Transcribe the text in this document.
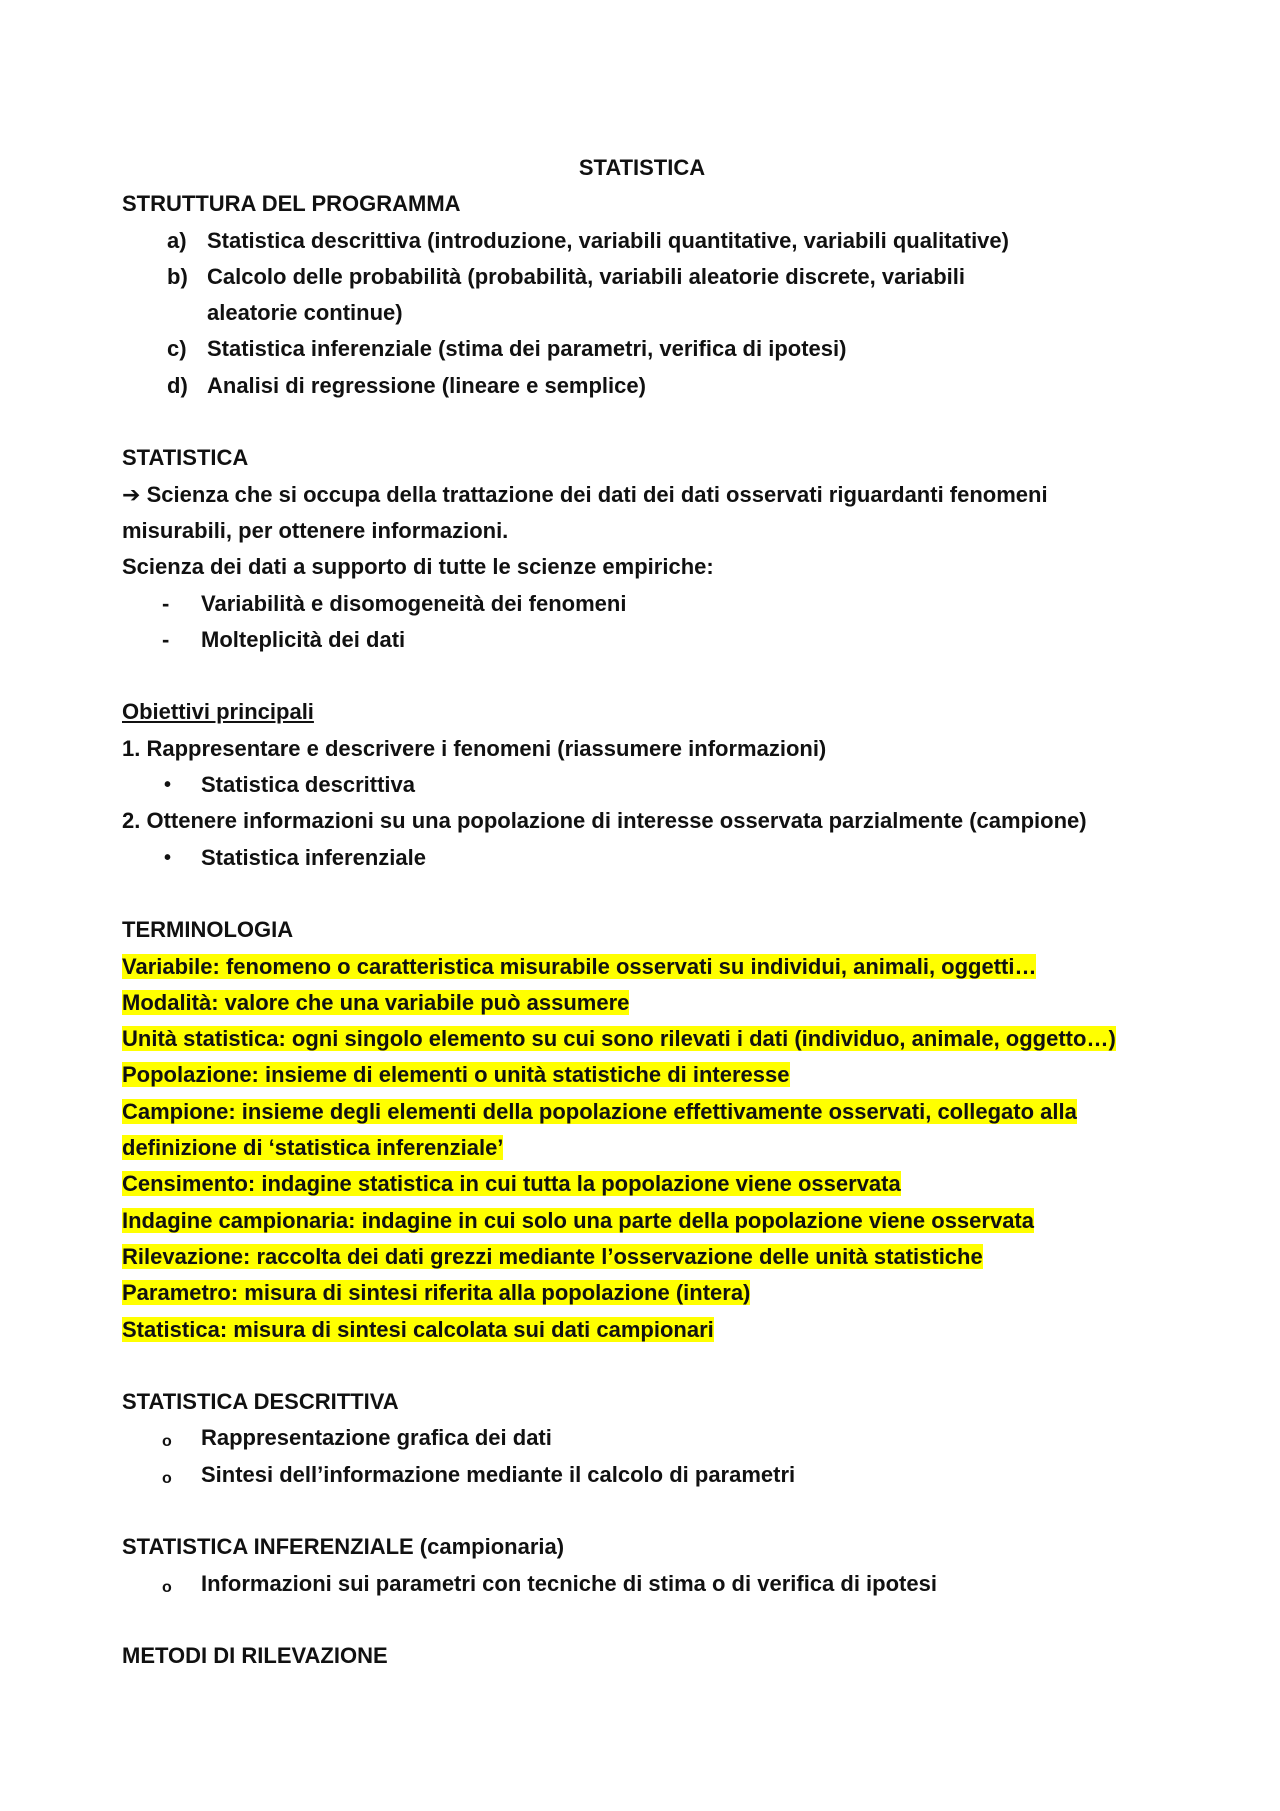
STATISTICA
STRUTTURA DEL PROGRAMMA
a) Statistica descrittiva (introduzione, variabili quantitative, variabili qualitative)
b) Calcolo delle probabilità (probabilità, variabili aleatorie discrete, variabili aleatorie continue)
c) Statistica inferenziale (stima dei parametri, verifica di ipotesi)
d) Analisi di regressione (lineare e semplice)
STATISTICA
➔ Scienza che si occupa della trattazione dei dati dei dati osservati riguardanti fenomeni misurabili, per ottenere informazioni.
Scienza dei dati a supporto di tutte le scienze empiriche:
- Variabilità e disomogeneità dei fenomeni
- Molteplicità dei dati
Obiettivi principali
1. Rappresentare e descrivere i fenomeni (riassumere informazioni)
• Statistica descrittiva
2. Ottenere informazioni su una popolazione di interesse osservata parzialmente (campione)
• Statistica inferenziale
TERMINOLOGIA
Variabile: fenomeno o caratteristica misurabile osservati su individui, animali, oggetti…
Modalità: valore che una variabile può assumere
Unità statistica: ogni singolo elemento su cui sono rilevati i dati (individuo, animale, oggetto…)
Popolazione: insieme di elementi o unità statistiche di interesse
Campione: insieme degli elementi della popolazione effettivamente osservati, collegato alla
definizione di ‘statistica inferenziale’
Censimento: indagine statistica in cui tutta la popolazione viene osservata
Indagine campionaria: indagine in cui solo una parte della popolazione viene osservata
Rilevazione: raccolta dei dati grezzi mediante l’osservazione delle unità statistiche
Parametro: misura di sintesi riferita alla popolazione (intera)
Statistica: misura di sintesi calcolata sui dati campionari
STATISTICA DESCRITTIVA
o Rappresentazione grafica dei dati
o Sintesi dell’informazione mediante il calcolo di parametri
STATISTICA INFERENZIALE (campionaria)
o Informazioni sui parametri con tecniche di stima o di verifica di ipotesi
METODI DI RILEVAZIONE
